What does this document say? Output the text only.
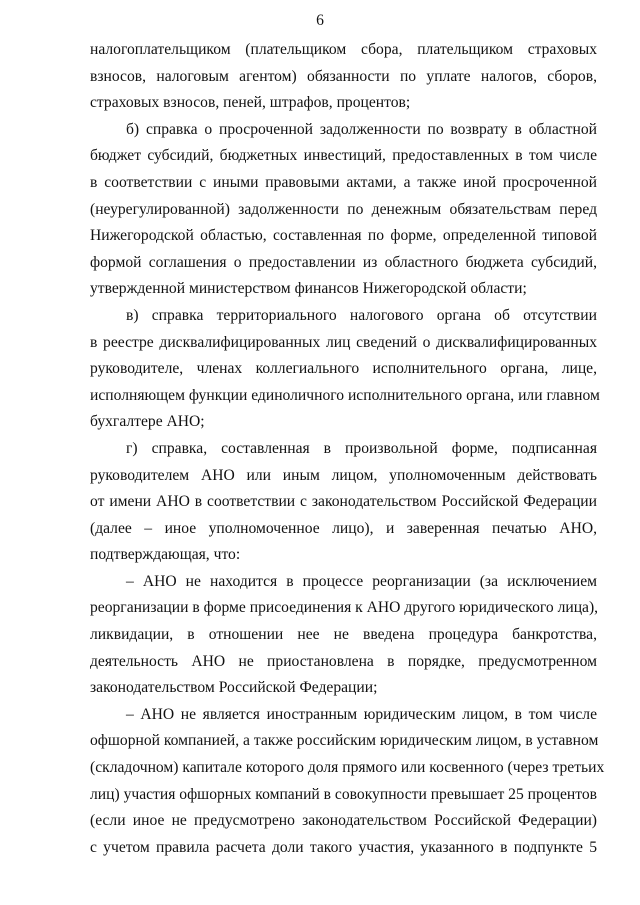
6
налогоплательщиком (плательщиком сбора, плательщиком страховых
взносов, налоговым агентом) обязанности по уплате налогов, сборов,
страховых взносов, пеней, штрафов, процентов;
б) справка о просроченной задолженности по возврату в областной
бюджет субсидий, бюджетных инвестиций, предоставленных в том числе
в соответствии с иными правовыми актами, а также иной просроченной
(неурегулированной) задолженности по денежным обязательствам перед
Нижегородской областью, составленная по форме, определенной типовой
формой соглашения о предоставлении из областного бюджета субсидий,
утвержденной министерством финансов Нижегородской области;
в) справка территориального налогового органа об отсутствии
в реестре дисквалифицированных лиц сведений о дисквалифицированных
руководителе, членах коллегиального исполнительного органа, лице,
исполняющем функции единоличного исполнительного органа, или главном
бухгалтере АНО;
г) справка, составленная в произвольной форме, подписанная
руководителем АНО или иным лицом, уполномоченным действовать
от имени АНО в соответствии с законодательством Российской Федерации
(далее – иное уполномоченное лицо), и заверенная печатью АНО,
подтверждающая, что:
– АНО не находится в процессе реорганизации (за исключением
реорганизации в форме присоединения к АНО другого юридического лица),
ликвидации, в отношении нее не введена процедура банкротства,
деятельность АНО не приостановлена в порядке, предусмотренном
законодательством Российской Федерации;
– АНО не является иностранным юридическим лицом, в том числе
офшорной компанией, а также российским юридическим лицом, в уставном
(складочном) капитале которого доля прямого или косвенного (через третьих
лиц) участия офшорных компаний в совокупности превышает 25 процентов
(если иное не предусмотрено законодательством Российской Федерации)
с учетом правила расчета доли такого участия, указанного в подпункте 5
